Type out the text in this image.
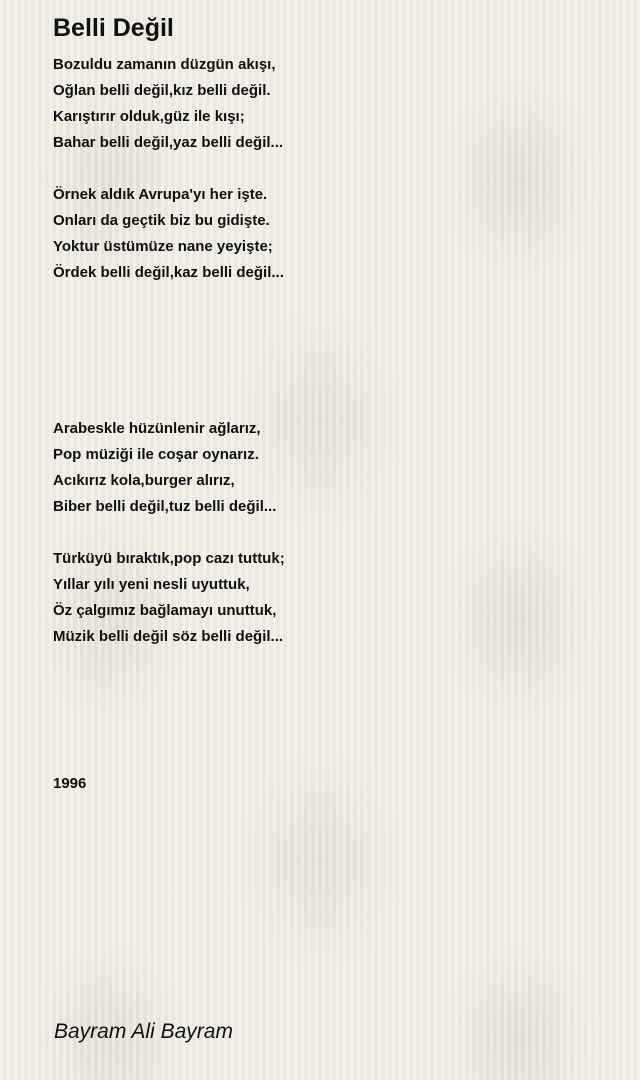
Belli Değil
Bozuldu zamanın düzgün akışı,
Oğlan belli değil,kız belli değil.
Karıştırır olduk,güz ile kışı;
Bahar belli değil,yaz belli değil...
Örnek aldık Avrupa'yı her işte.
Onları da geçtik biz bu gidişte.
Yoktur üstümüze nane yeyişte;
Ördek belli değil,kaz belli değil...
Arabeskle hüzünlenir ağlarız,
Pop müziği ile coşar oynarız.
Acıkırız kola,burger alırız,
Biber belli değil,tuz belli değil...
Türküyü bıraktık,pop cazı tuttuk;
Yıllar yılı yeni nesli uyuttuk,
Öz çalgımız bağlamayı unuttuk,
Müzik belli değil söz belli değil...
1996
Bayram Ali Bayram
